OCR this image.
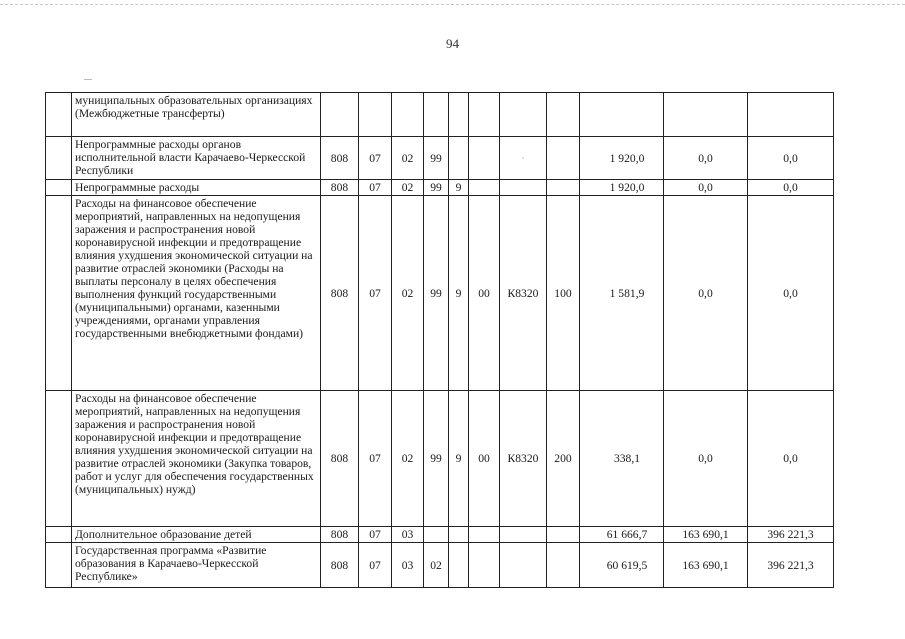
94
	муниципальных образовательных организациях (Межбюджетные трансферты)											
	Непрограммные расходы органов исполнительной власти Карачаево-Черкесской Республики	808	07	02	99			·		1 920,0	0,0	0,0
	Непрограммные расходы	808	07	02	99	9				1 920,0	0,0	0,0
	Расходы на финансовое обеспечение мероприятий, направленных на недопущения заражения и распространения новой коронавирусной инфекции и предотвращение влияния ухудшения экономической ситуации на развитие отраслей экономики (Расходы на выплаты персоналу в целях обеспечения выполнения функций государственными (муниципальными) органами, казенными учреждениями, органами управления государственными внебюджетными фондами)	808	07	02	99	9	00	К8320	100	1 581,9	0,0	0,0
	Расходы на финансовое обеспечение мероприятий, направленных на недопущения заражения и распространения новой коронавирусной инфекции и предотвращение влияния ухудшения экономической ситуации на развитие отраслей экономики (Закупка товаров, работ и услуг для обеспечения государственных (муниципальных) нужд)	808	07	02	99	9	00	К8320	200	338,1	0,0	0,0
	Дополнительное образование детей	808	07	03						61 666,7	163 690,1	396 221,3
	Государственная программа «Развитие образования в Карачаево-Черкесской Республике»	808	07	03	02					60 619,5	163 690,1	396 221,3
